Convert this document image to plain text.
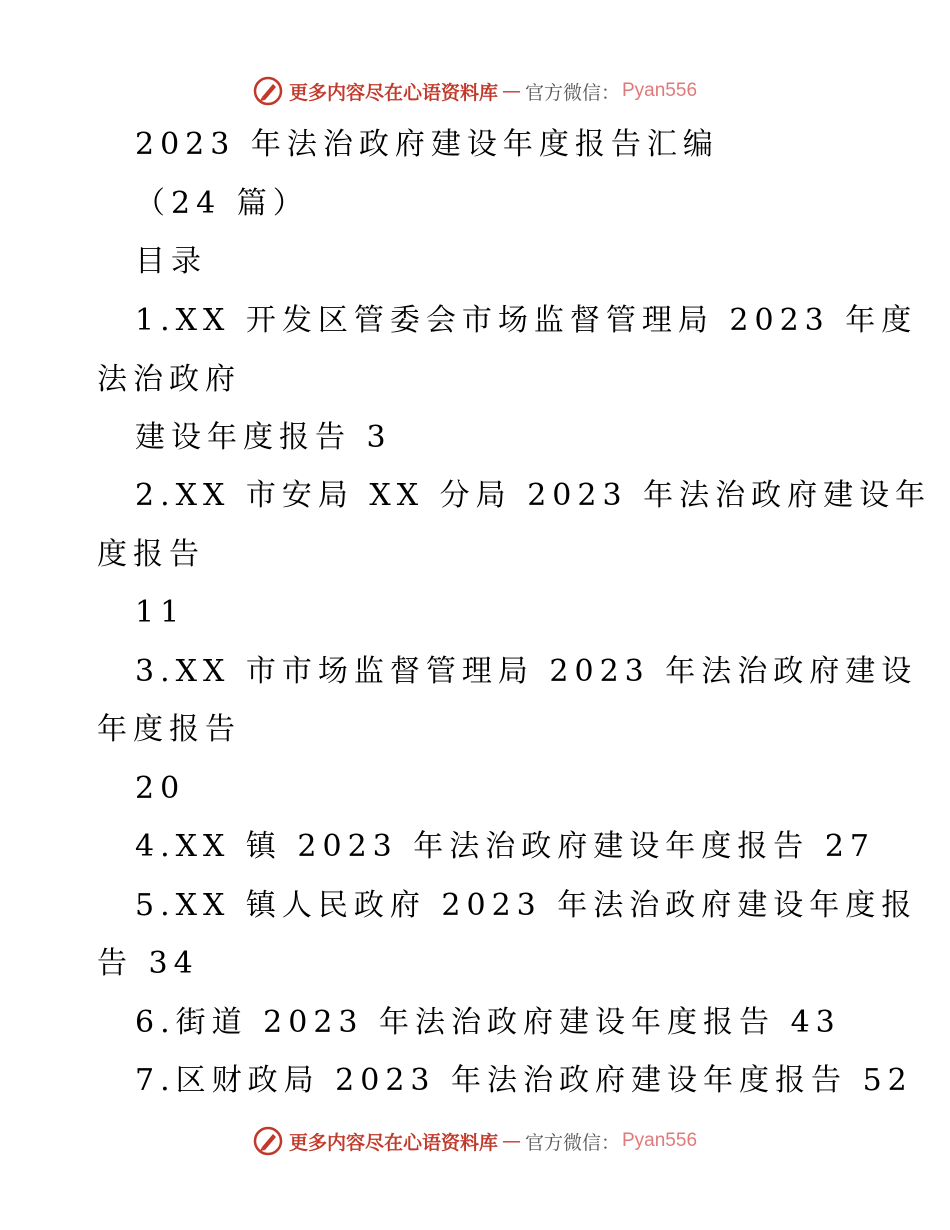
更多内容尽在心语资料库 — 官方微信： Pyan556
2023 年法治政府建设年度报告汇编
（24 篇）
目录
1.XX 开发区管委会市场监督管理局 2023 年度
法治政府
建设年度报告 3
2.XX 市安局 XX 分局 2023 年法治政府建设年
度报告
11
3.XX 市市场监督管理局 2023 年法治政府建设
年度报告
20
4.XX 镇 2023 年法治政府建设年度报告 27
5.XX 镇人民政府 2023 年法治政府建设年度报
告 34
6.街道 2023 年法治政府建设年度报告 43
7.区财政局 2023 年法治政府建设年度报告 52
更多内容尽在心语资料库 — 官方微信： Pyan556
